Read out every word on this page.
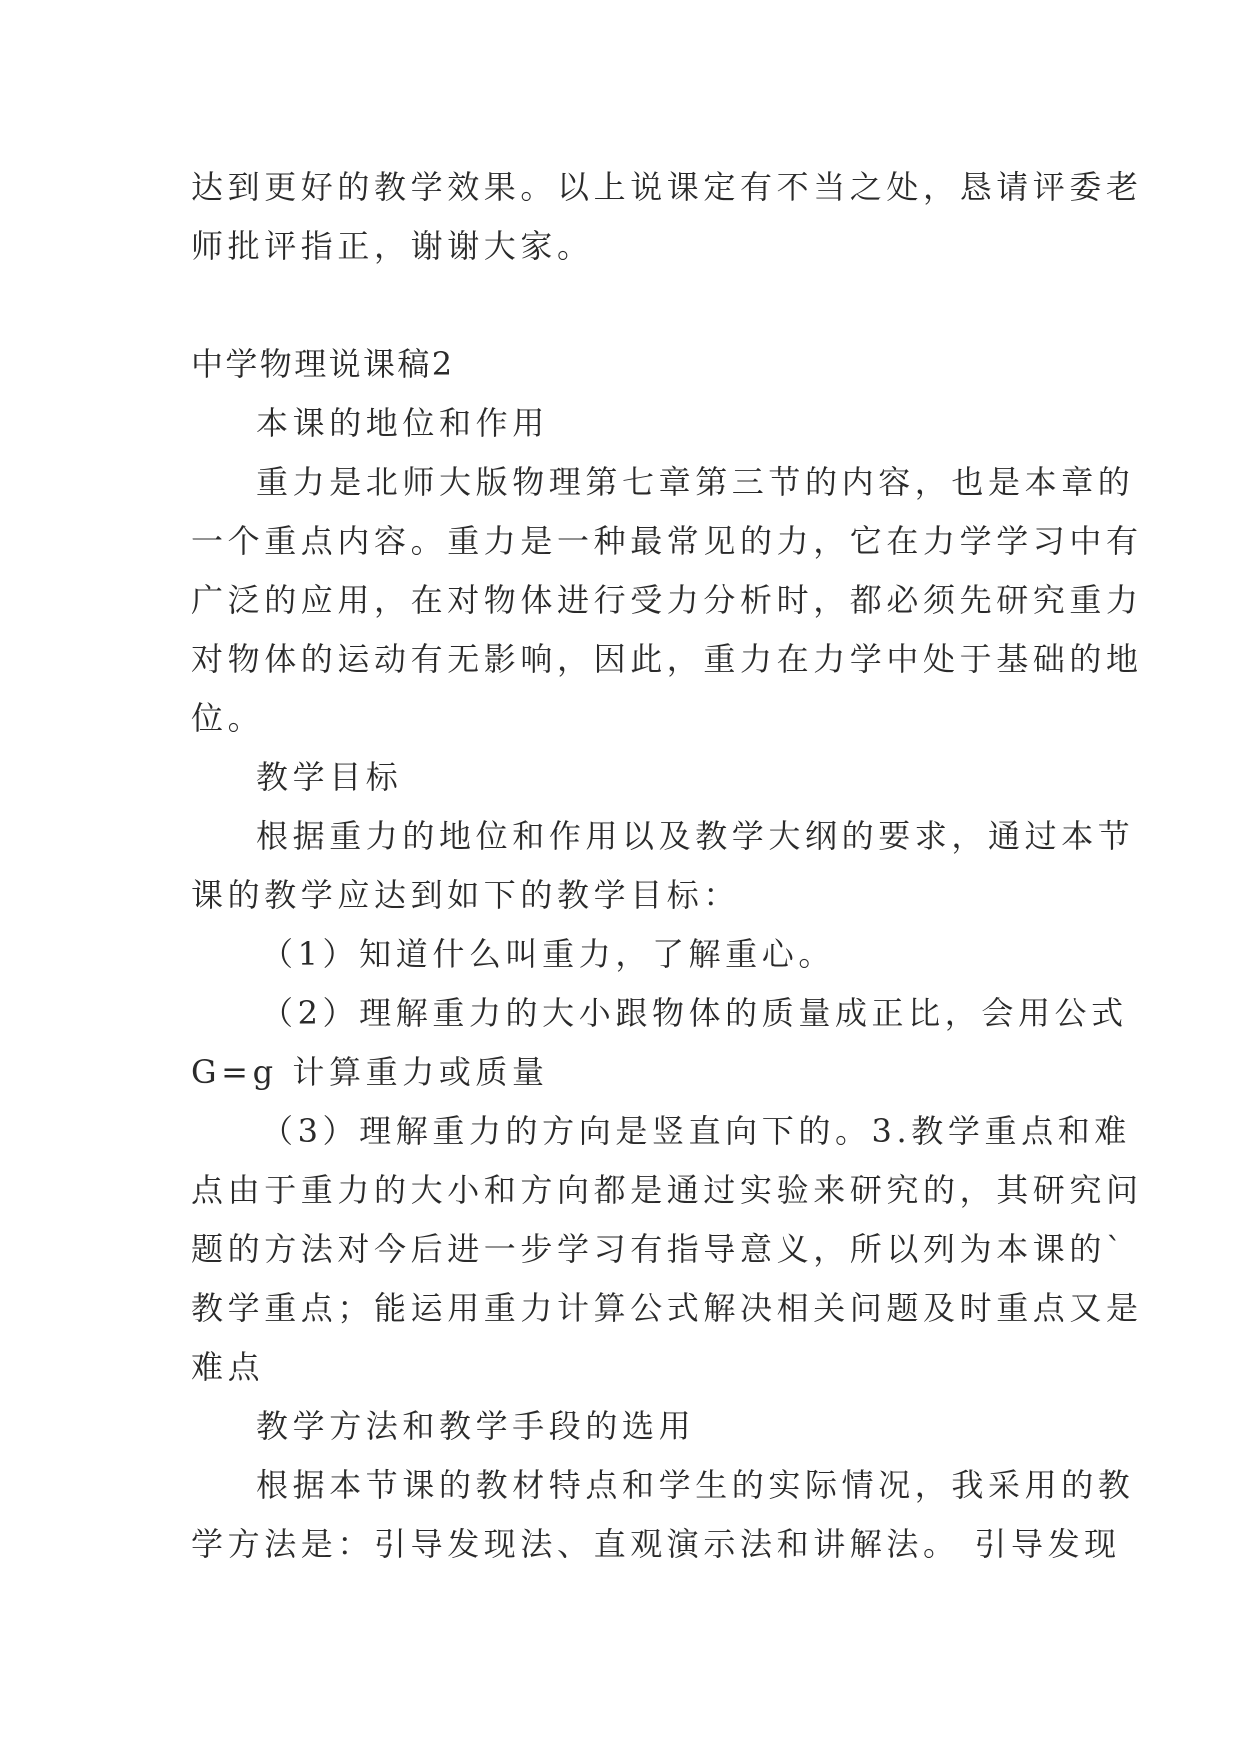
达到更好的教学效果。以上说课定有不当之处，恳请评委老
师批评指正，谢谢大家。
中学物理说课稿2
本课的地位和作用
重力是北师大版物理第七章第三节的内容，也是本章的
一个重点内容。重力是一种最常见的力，它在力学学习中有
广泛的应用，在对物体进行受力分析时，都必须先研究重力
对物体的运动有无影响，因此，重力在力学中处于基础的地
位。
教学目标
根据重力的地位和作用以及教学大纲的要求，通过本节
课的教学应达到如下的教学目标：
（1）知道什么叫重力，了解重心。
（2）理解重力的大小跟物体的质量成正比，会用公式
G=g 计算重力或质量
（3）理解重力的方向是竖直向下的。3.教学重点和难
点由于重力的大小和方向都是通过实验来研究的，其研究问
题的方法对今后进一步学习有指导意义，所以列为本课的`
教学重点；能运用重力计算公式解决相关问题及时重点又是
难点
教学方法和教学手段的选用
根据本节课的教材特点和学生的实际情况，我采用的教
学方法是：引导发现法、直观演示法和讲解法。 引导发现
